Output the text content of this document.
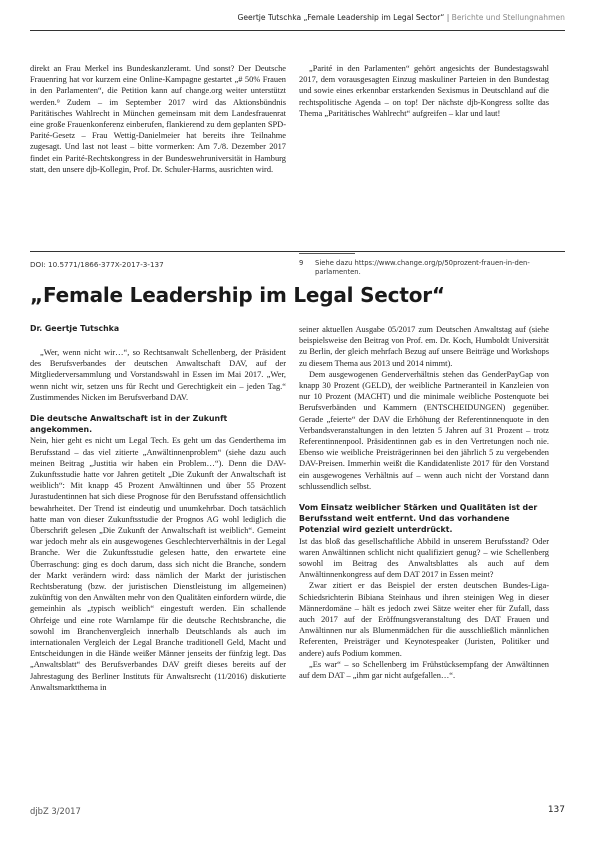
Geertje Tutschka „Female Leadership im Legal Sector“ | Berichte und Stellungnahmen

direkt an Frau Merkel ins Bundeskanzleramt. Und sonst? Der Deutsche Frauenring hat vor kurzem eine Online-Kampagne gestartet „# 50% Frauen in den Parlamenten“, die Petition kann auf change.org weiter unterstützt werden.⁹ Zudem – im September 2017 wird das Aktionsbündnis Paritätisches Wahlrecht in München gemeinsam mit dem Landesfrauenrat eine große Frauenkonferenz einberufen, flankierend zu dem geplanten SPD-Parité-Gesetz – Frau Wettig-Danielmeier hat bereits ihre Teilnahme zugesagt. Und last not least – bitte vormerken: Am 7./8. Dezember 2017 findet ein Parité-Rechtskongress in der Bundeswehruniversität in Hamburg statt, den unsere djb-Kollegin, Prof. Dr. Schuler-Harms, ausrichten wird.

„Parité in den Parlamenten“ gehört angesichts der Bundestagswahl 2017, dem vorausgesagten Einzug maskuliner Parteien in den Bundestag und sowie eines erkennbar erstarkenden Sexismus in Deutschland auf die rechtspolitische Agenda – on top! Der nächste djb-Kongress sollte das Thema „Paritätisches Wahlrecht“ aufgreifen – klar und laut!

9	Siehe dazu https://www.change.org/p/50prozent-frauen-in-den-parlamenten.
DOI: 10.5771/1866-377X-2017-3-137
„Female Leadership im Legal Sector“
Dr. Geertje Tutschka

„Wer, wenn nicht wir…“, so Rechtsanwalt Schellenberg, der Präsident des Berufsverbandes der deutschen Anwaltschaft DAV, auf der Mitgliederversammlung und Vorstandswahl in Essen im Mai 2017. „Wer, wenn nicht wir, setzen uns für Recht und Gerechtigkeit ein – jeden Tag.“ Zustimmendes Nicken im Berufsverband DAV.

Die deutsche Anwaltschaft ist in der Zukunft angekommen.

Nein, hier geht es nicht um Legal Tech. Es geht um das Genderthema im Berufsstand – das viel zitierte „Anwältinnenproblem“ (siehe dazu auch meinen Beitrag „Justitia wir haben ein Problem…“). Denn die DAV-Zukunftsstudie hatte vor Jahren getitelt „Die Zukunft der Anwaltschaft ist weiblich“: Mit knapp 45 Prozent Anwältinnen und über 55 Prozent Jurastudentinnen hat sich diese Prognose für den Berufsstand offensichtlich bewahrheitet. Der Trend ist eindeutig und unumkehrbar. Doch tatsächlich hatte man von dieser Zukunftsstudie der Prognos AG wohl lediglich die Überschrift gelesen „Die Zukunft der Anwaltschaft ist weiblich“. Gemeint war jedoch mehr als ein ausgewogenes Geschlechterverhältnis in der Legal Branche. Wer die Zukunftsstudie gelesen hatte, den erwartete eine Überraschung: ging es doch darum, dass sich nicht die Branche, sondern der Markt verändern wird: dass nämlich der Markt der juristischen Rechtsberatung (bzw. der juristischen Dienstleistung im allgemeinen) zukünftig von den Anwälten mehr von den Qualitäten einfordern würde, die gemeinhin als „typisch weiblich“ eingestuft werden. Ein schallende Ohrfeige und eine rote Warnlampe für die deutsche Rechtsbranche, die sowohl im Branchenvergleich innerhalb Deutschlands als auch im internationalen Vergleich der Legal Branche traditionell Geld, Macht und Entscheidungen in die Hände weißer Männer jenseits der fünfzig legt. Das „Anwaltsblatt“ des Berufsverbandes DAV greift dieses bereits auf der Jahrestagung des Berliner Instituts für Anwaltsrecht (11/2016) diskutierte Anwaltsmarktthema in

seiner aktuellen Ausgabe 05/2017 zum Deutschen Anwaltstag auf (siehe beispielsweise den Beitrag von Prof. em. Dr. Koch, Humboldt Universität zu Berlin, der gleich mehrfach Bezug auf unsere Beiträge und Workshops zu diesem Thema aus 2013 und 2014 nimmt).

Dem ausgewogenen Genderverhältnis stehen das GenderPayGap von knapp 30 Prozent (GELD), der weibliche Partneranteil in Kanzleien von nur 10 Prozent (MACHT) und die minimale weibliche Postenquote bei Berufsverbänden und Kammern (ENTSCHEIDUNGEN) gegenüber. Gerade „feierte“ der DAV die Erhöhung der Referentinnenquote in den Verbandsveranstaltungen in den letzten 5 Jahren auf 31 Prozent – trotz Referentinnenpool. Präsidentinnen gab es in den Vertretungen noch nie. Ebenso wie weibliche Preisträgerinnen bei den jährlich 5 zu vergebenden DAV-Preisen. Immerhin weißt die Kandidatenliste 2017 für den Vorstand ein ausgewogenes Verhältnis auf – wenn auch nicht der Vorstand dann schlussendlich selbst.

Vom Einsatz weiblicher Stärken und Qualitäten ist der Berufsstand weit entfernt. Und das vorhandene Potenzial wird gezielt unterdrückt.

Ist das bloß das gesellschaftliche Abbild in unserem Berufsstand? Oder waren Anwältinnen schlicht nicht qualifiziert genug? – wie Schellenberg sowohl im Beitrag des Anwaltsblattes als auch auf dem Anwältinnenkongress auf dem DAT 2017 in Essen meint?

Zwar zitiert er das Beispiel der ersten deutschen Bundes-Liga-Schiedsrichterin Bibiana Steinhaus und ihren steinigen Weg in dieser Männerdomäne – hält es jedoch zwei Sätze weiter eher für Zufall, dass auch 2017 auf der Eröffnungsveranstaltung des DAT Frauen und Anwältinnen nur als Blumenmädchen für die ausschließlich männlichen Referenten, Preisträger und Keynotespeaker (Juristen, Politiker und andere) aufs Podium kommen.

„Es war“ – so Schellenberg im Frühstücksempfang der Anwältinnen auf dem DAT – „ihm gar nicht aufgefallen…“.

djbZ 3/2017	137
